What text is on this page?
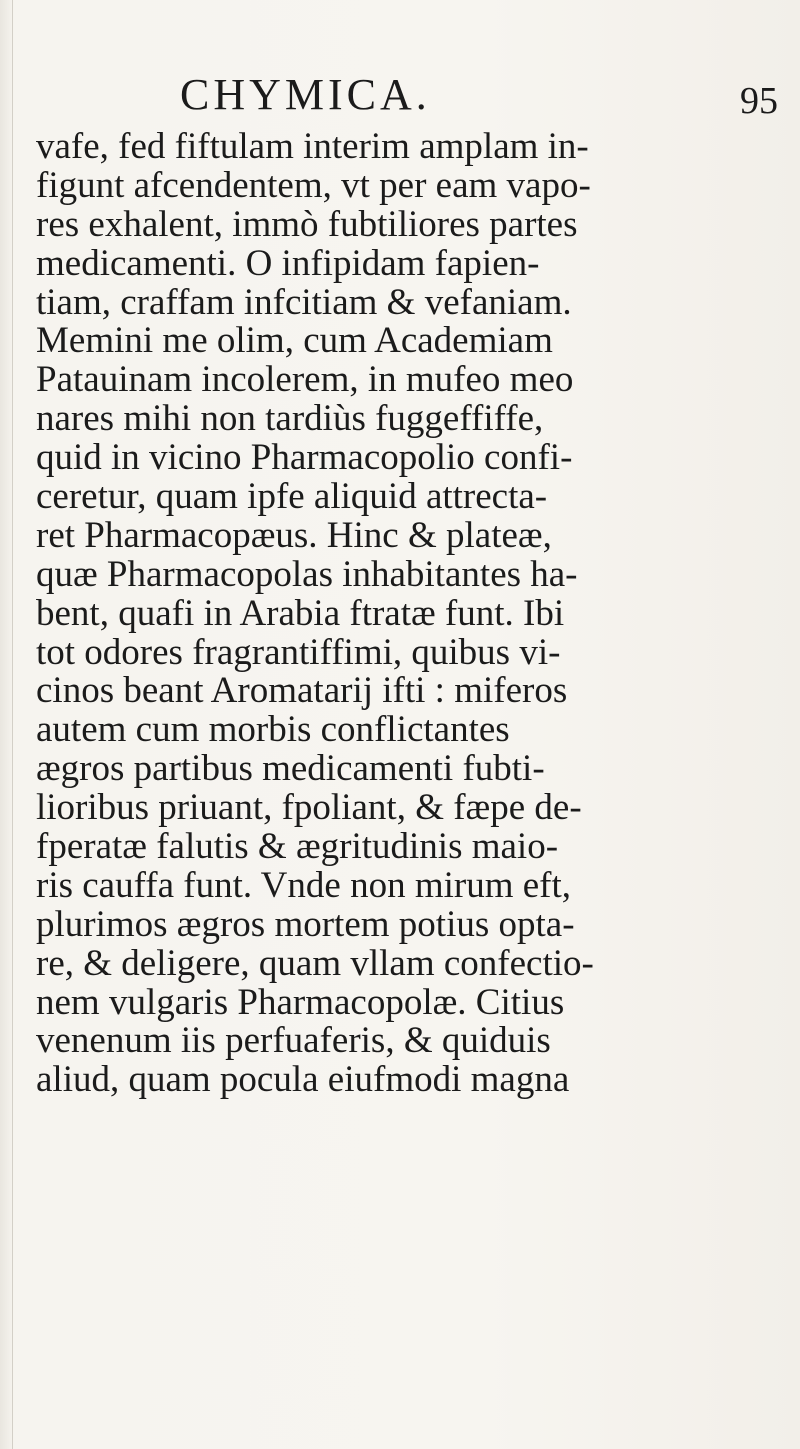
CHYMICA.	95
vafe, fed fiftulam interim amplam in-
figunt afcendentem, vt per eam vapo-
res exhalent, immò fubtiliores partes
medicamenti. O infipidam fapien-
tiam, craffam infcitiam & vefaniam.
Memini me olim, cum Academiam
Patauinam incolerem, in mufeo meo
nares mihi non tardiùs fuggeffiffe,
quid in vicino Pharmacopolio confi-
ceretur, quam ipfe aliquid attrecta-
ret Pharmacopæus. Hinc & plateæ,
quæ Pharmacopolas inhabitantes ha-
bent, quafi in Arabia ftratæ funt. Ibi
tot odores fragrantiffimi, quibus vi-
cinos beant Aromatarij ifti : miferos
autem cum morbis conflictantes
ægros partibus medicamenti fubti-
lioribus priuant, fpoliant, & fæpe de-
fperatæ falutis & ægritudinis maio-
ris cauffa funt. Vnde non mirum eft,
plurimos ægros mortem potius opta-
re, & deligere, quam vllam confectio-
nem vulgaris Pharmacopolæ. Citius
venenum iis perfuaferis, & quiduis
aliud, quam pocula eiufmodi magna
